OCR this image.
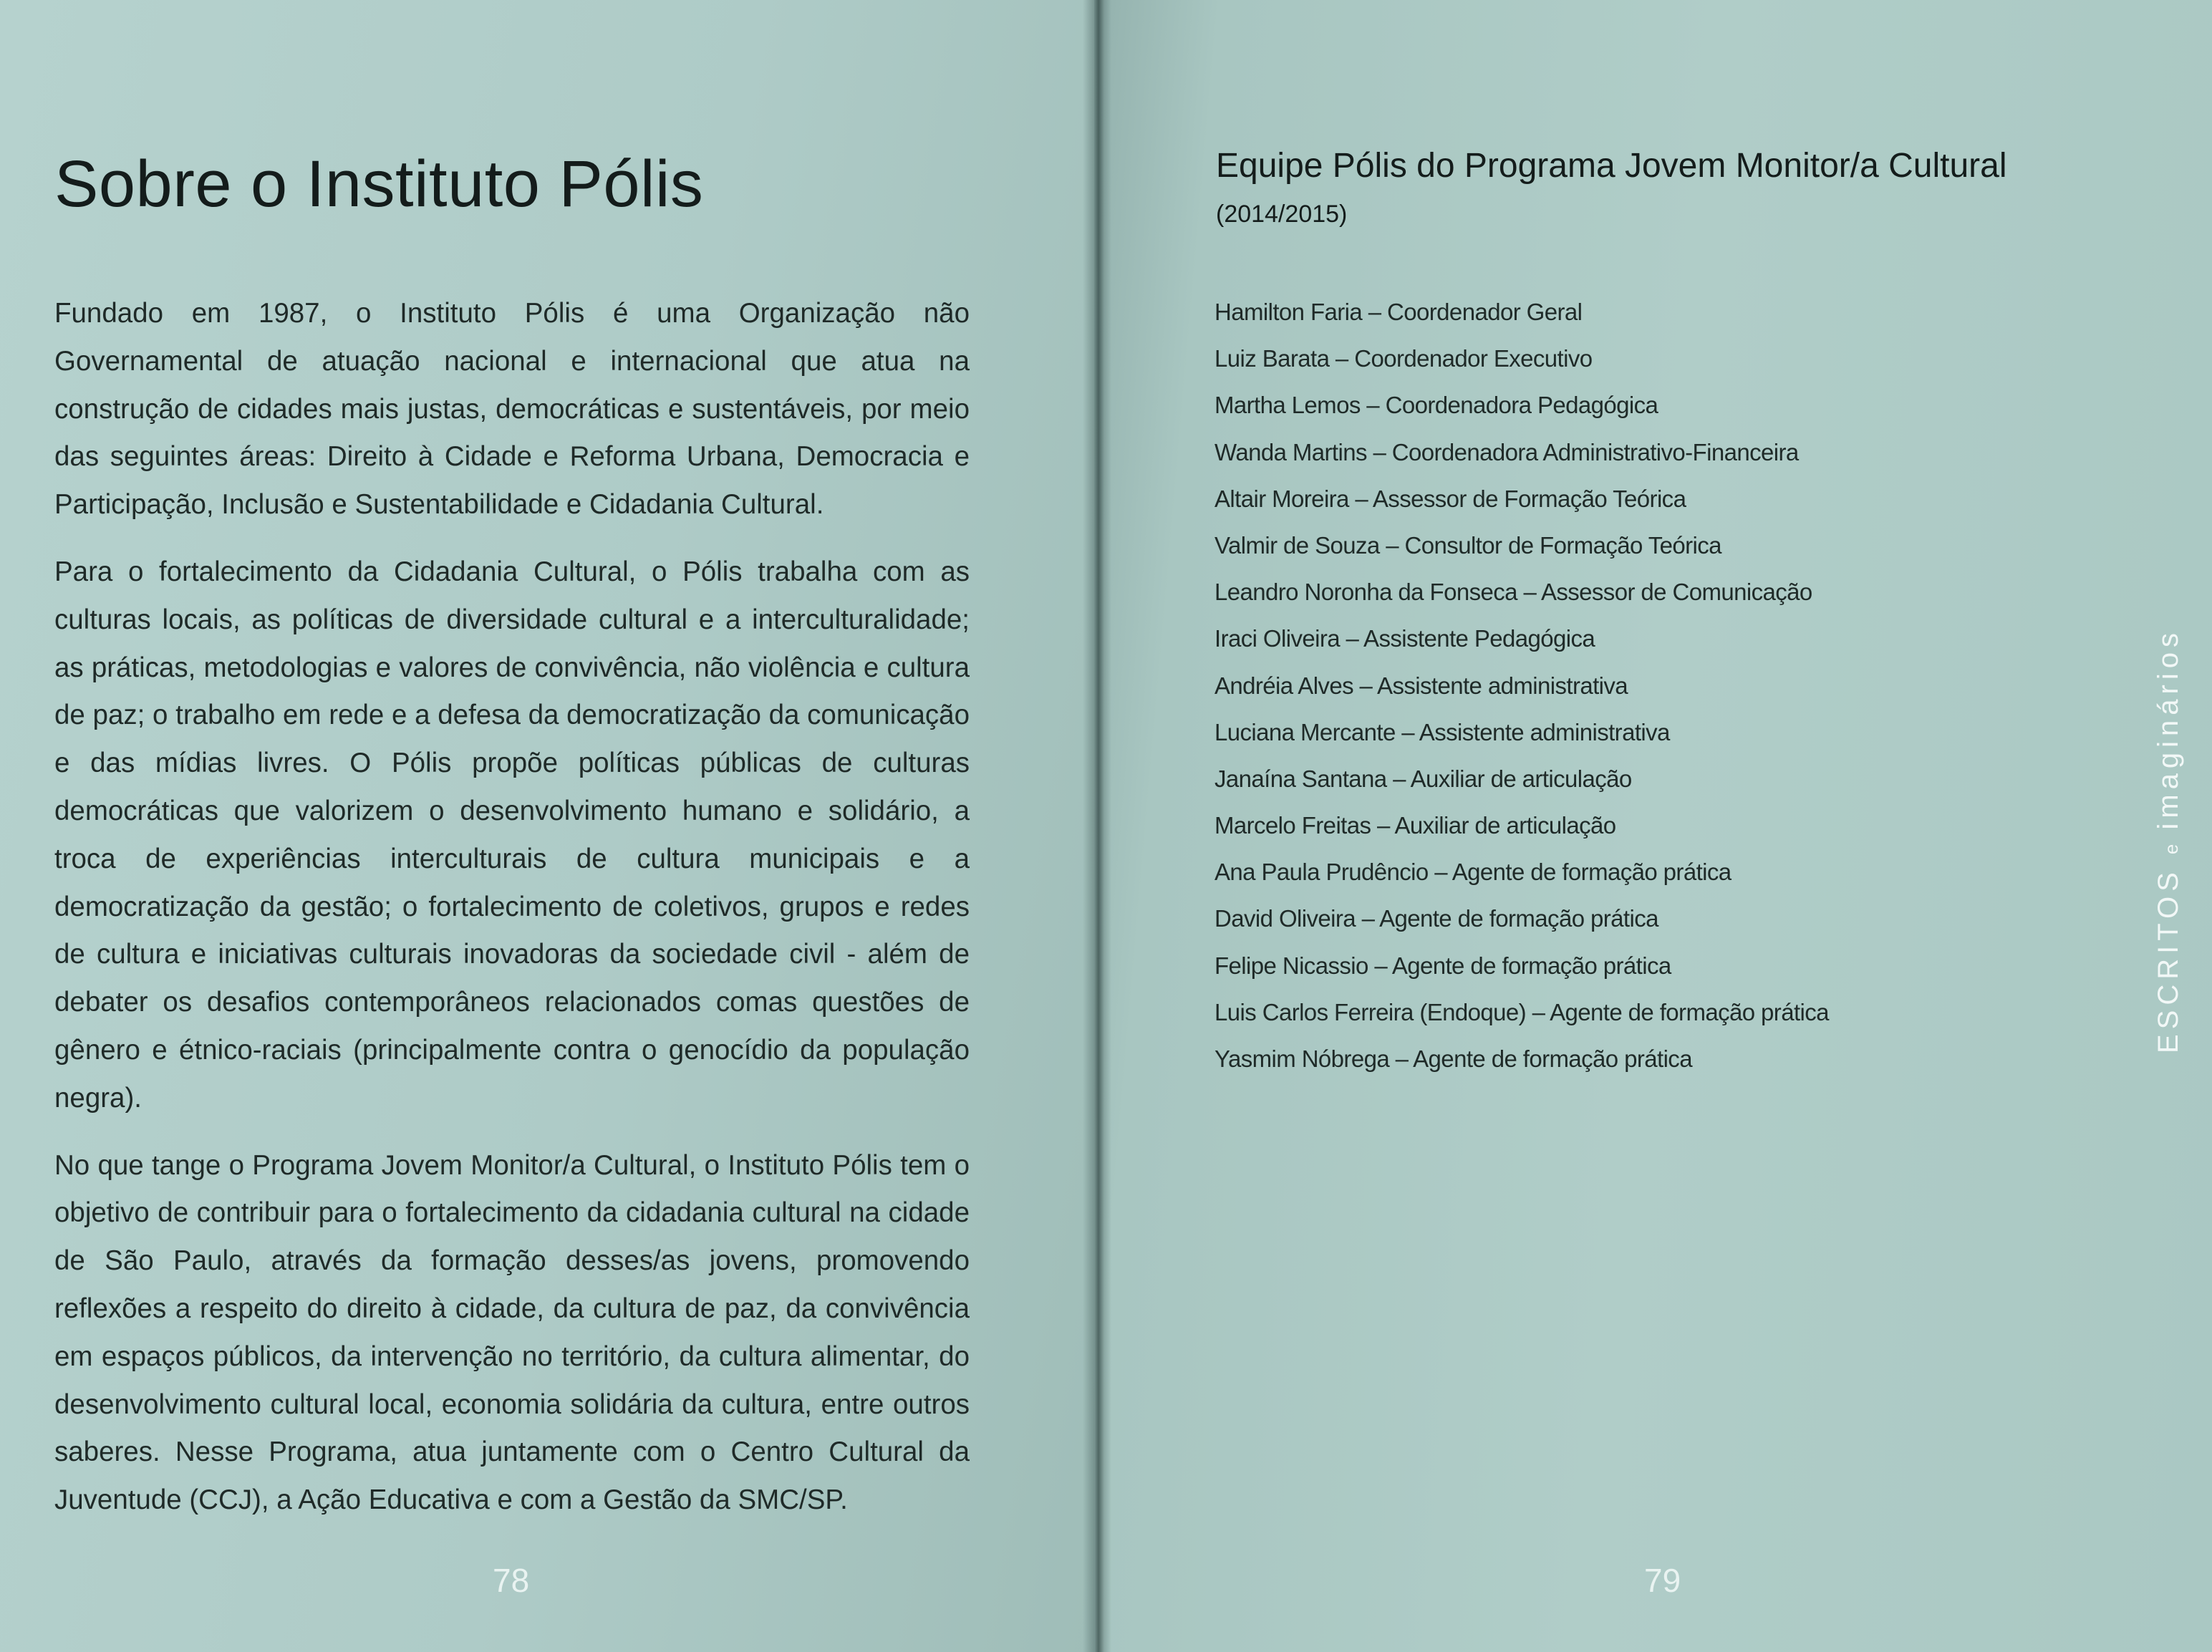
Sobre o Instituto Pólis

Fundado em 1987, o Instituto Pólis é uma Organização não Governamental de atuação nacional e internacional que atua na construção de cidades mais justas, democráticas e sustentáveis, por meio das seguintes áreas: Direito à Cidade e Reforma Urbana, Democracia e Participação, Inclusão e Sustentabilidade e Cidadania Cultural.

Para o fortalecimento da Cidadania Cultural, o Pólis trabalha com as culturas locais, as políticas de diversidade cultural e a interculturalidade; as práticas, metodologias e valores de convivência, não violência e cultura de paz; o trabalho em rede e a defesa da democratização da comunicação e das mídias livres. O Pólis propõe políticas públicas de culturas democráticas que valorizem o desenvolvimento humano e solidário, a troca de experiências interculturais de cultura municipais e a democratização da gestão; o fortalecimento de coletivos, grupos e redes de cultura e iniciativas culturais inovadoras da sociedade civil - além de debater os desafios contemporâneos relacionados comas questões de gênero e étnico-raciais (principalmente contra o genocídio da população negra).

No que tange o Programa Jovem Monitor/a Cultural, o Instituto Pólis tem o objetivo de contribuir para o fortalecimento da cidadania cultural na cidade de São Paulo, através da formação desses/as jovens, promovendo reflexões a respeito do direito à cidade, da cultura de paz, da convivência em espaços públicos, da intervenção no território, da cultura alimentar, do desenvolvimento cultural local, economia solidária da cultura, entre outros saberes. Nesse Programa, atua juntamente com o Centro Cultural da Juventude (CCJ), a Ação Educativa e com a Gestão da SMC/SP.

78
Equipe Pólis do Programa Jovem Monitor/a Cultural
(2014/2015)
Hamilton Faria – Coordenador Geral
Luiz Barata – Coordenador Executivo
Martha Lemos – Coordenadora Pedagógica
Wanda Martins – Coordenadora Administrativo-Financeira
Altair Moreira – Assessor de Formação Teórica
Valmir de Souza – Consultor de Formação Teórica
Leandro Noronha da Fonseca – Assessor de Comunicação
Iraci Oliveira – Assistente Pedagógica
Andréia Alves – Assistente administrativa
Luciana Mercante – Assistente administrativa
Janaína Santana – Auxiliar de articulação
Marcelo Freitas – Auxiliar de articulação
Ana Paula Prudêncio – Agente de formação prática
David Oliveira – Agente de formação prática
Felipe Nicassio – Agente de formação prática
Luis Carlos Ferreira (Endoque) – Agente de formação prática
Yasmim Nóbrega – Agente de formação prática
79
ESCRITOS e imaginários
